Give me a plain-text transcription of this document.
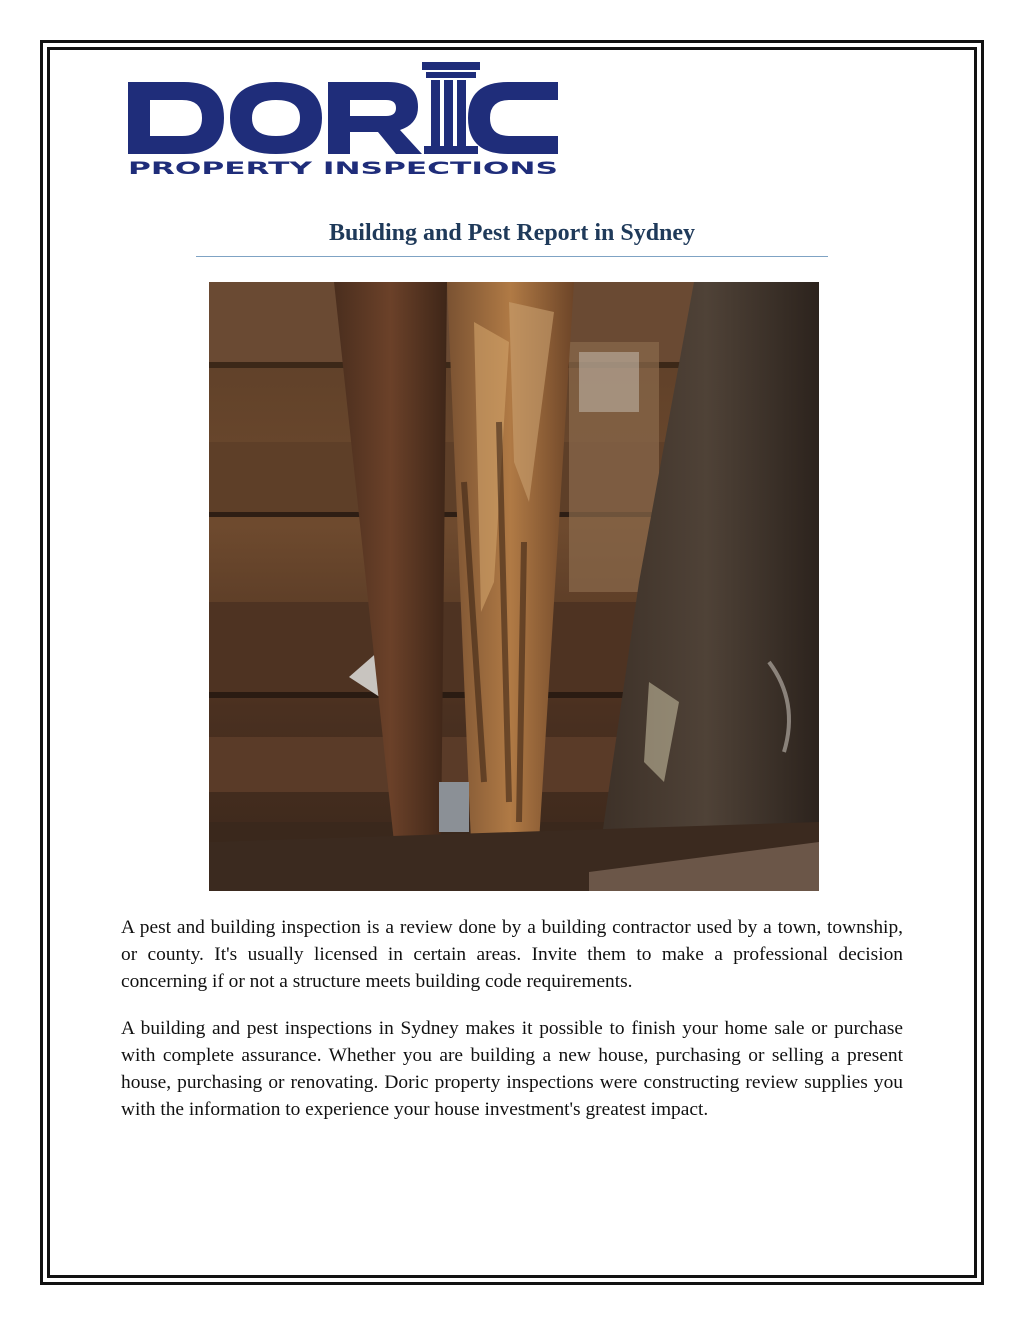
PROPERTY INSPECTIONS
Building and Pest Report in Sydney

A pest and building inspection is a review done by a building contractor used by a town, township, or county. It's usually licensed in certain areas. Invite them to make a professional decision concerning if or not a structure meets building code requirements.

A building and pest inspections in Sydney makes it possible to finish your home sale or purchase with complete assurance. Whether you are building a new house, purchasing or selling a present house, purchasing or renovating. Doric property inspections were constructing review supplies you with the information to experience your house investment's greatest impact.
